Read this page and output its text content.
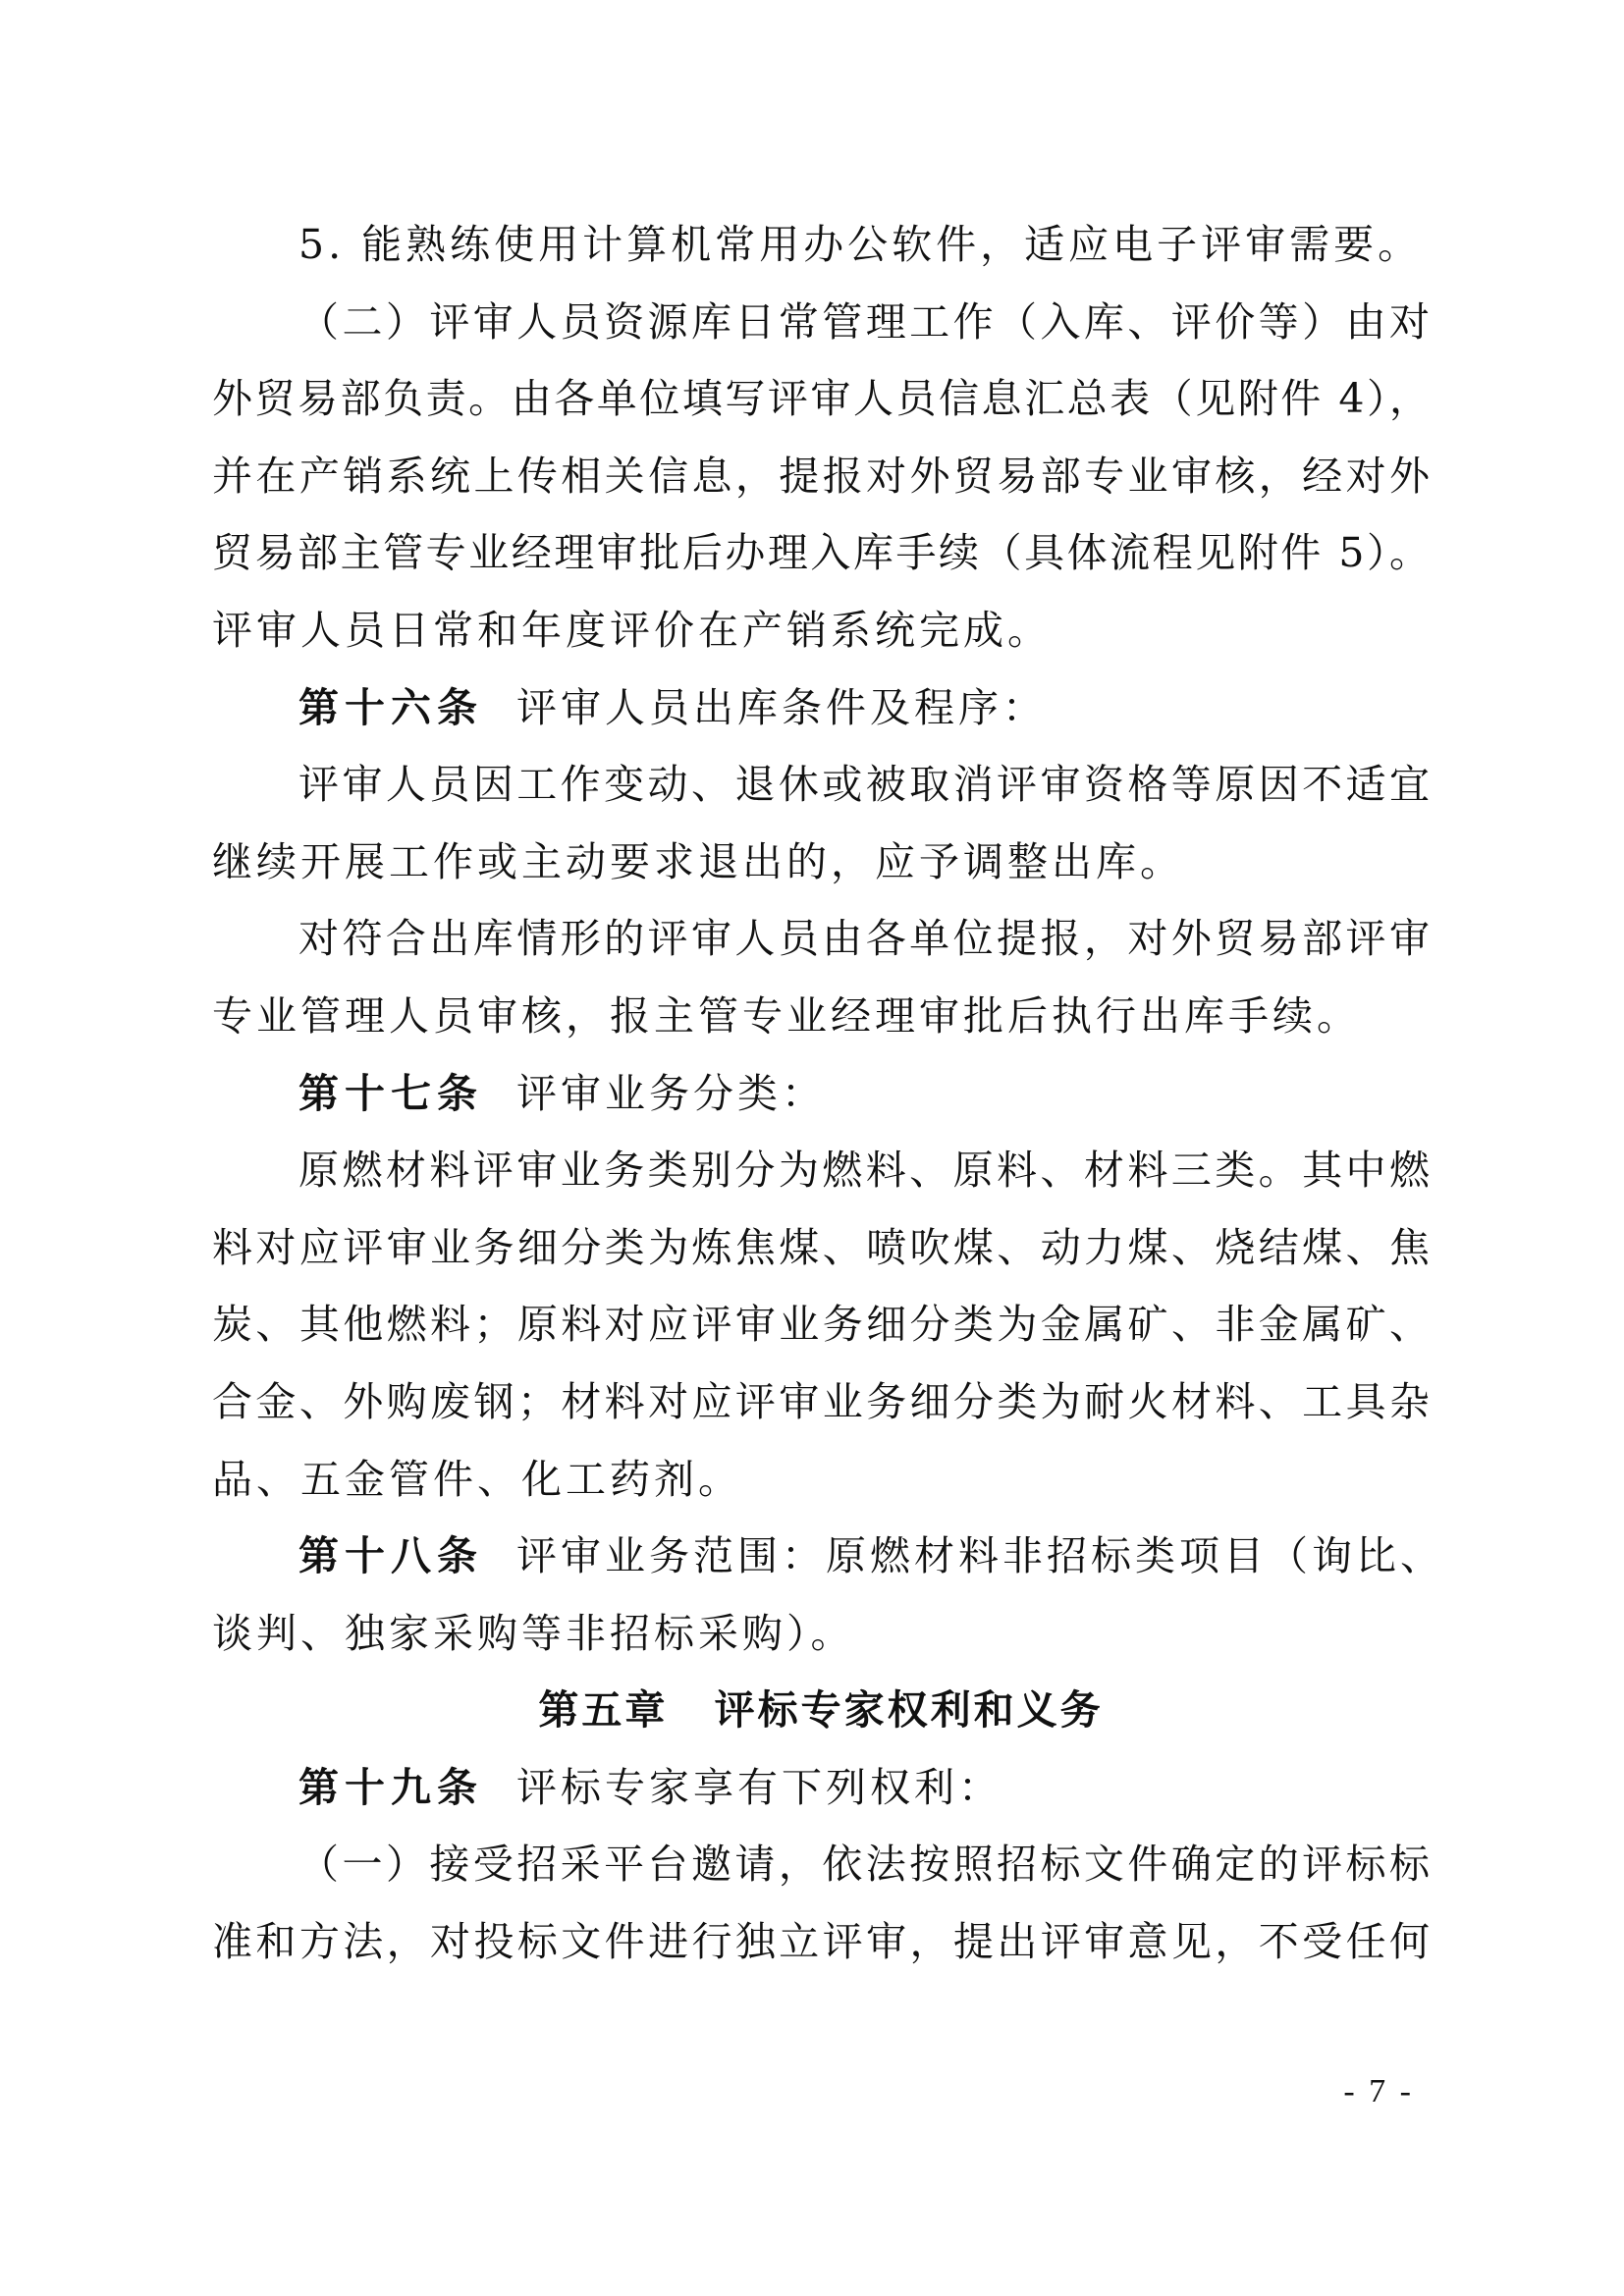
5. 能熟练使用计算机常用办公软件，适应电子评审需要。
（二）评审人员资源库日常管理工作（入库、评价等）由对
外贸易部负责。由各单位填写评审人员信息汇总表（见附件 4），
并在产销系统上传相关信息，提报对外贸易部专业审核，经对外
贸易部主管专业经理审批后办理入库手续（具体流程见附件 5）。
评审人员日常和年度评价在产销系统完成。
第十六条 评审人员出库条件及程序：
评审人员因工作变动、退休或被取消评审资格等原因不适宜
继续开展工作或主动要求退出的，应予调整出库。
对符合出库情形的评审人员由各单位提报，对外贸易部评审
专业管理人员审核，报主管专业经理审批后执行出库手续。
第十七条 评审业务分类：
原燃材料评审业务类别分为燃料、原料、材料三类。其中燃
料对应评审业务细分类为炼焦煤、喷吹煤、动力煤、烧结煤、焦
炭、其他燃料；原料对应评审业务细分类为金属矿、非金属矿、
合金、外购废钢；材料对应评审业务细分类为耐火材料、工具杂
品、五金管件、化工药剂。
第十八条 评审业务范围：原燃材料非招标类项目（询比、
谈判、独家采购等非招标采购）。
第五章 评标专家权利和义务
第十九条 评标专家享有下列权利：
（一）接受招采平台邀请，依法按照招标文件确定的评标标
准和方法，对投标文件进行独立评审，提出评审意见，不受任何
- 7 -
